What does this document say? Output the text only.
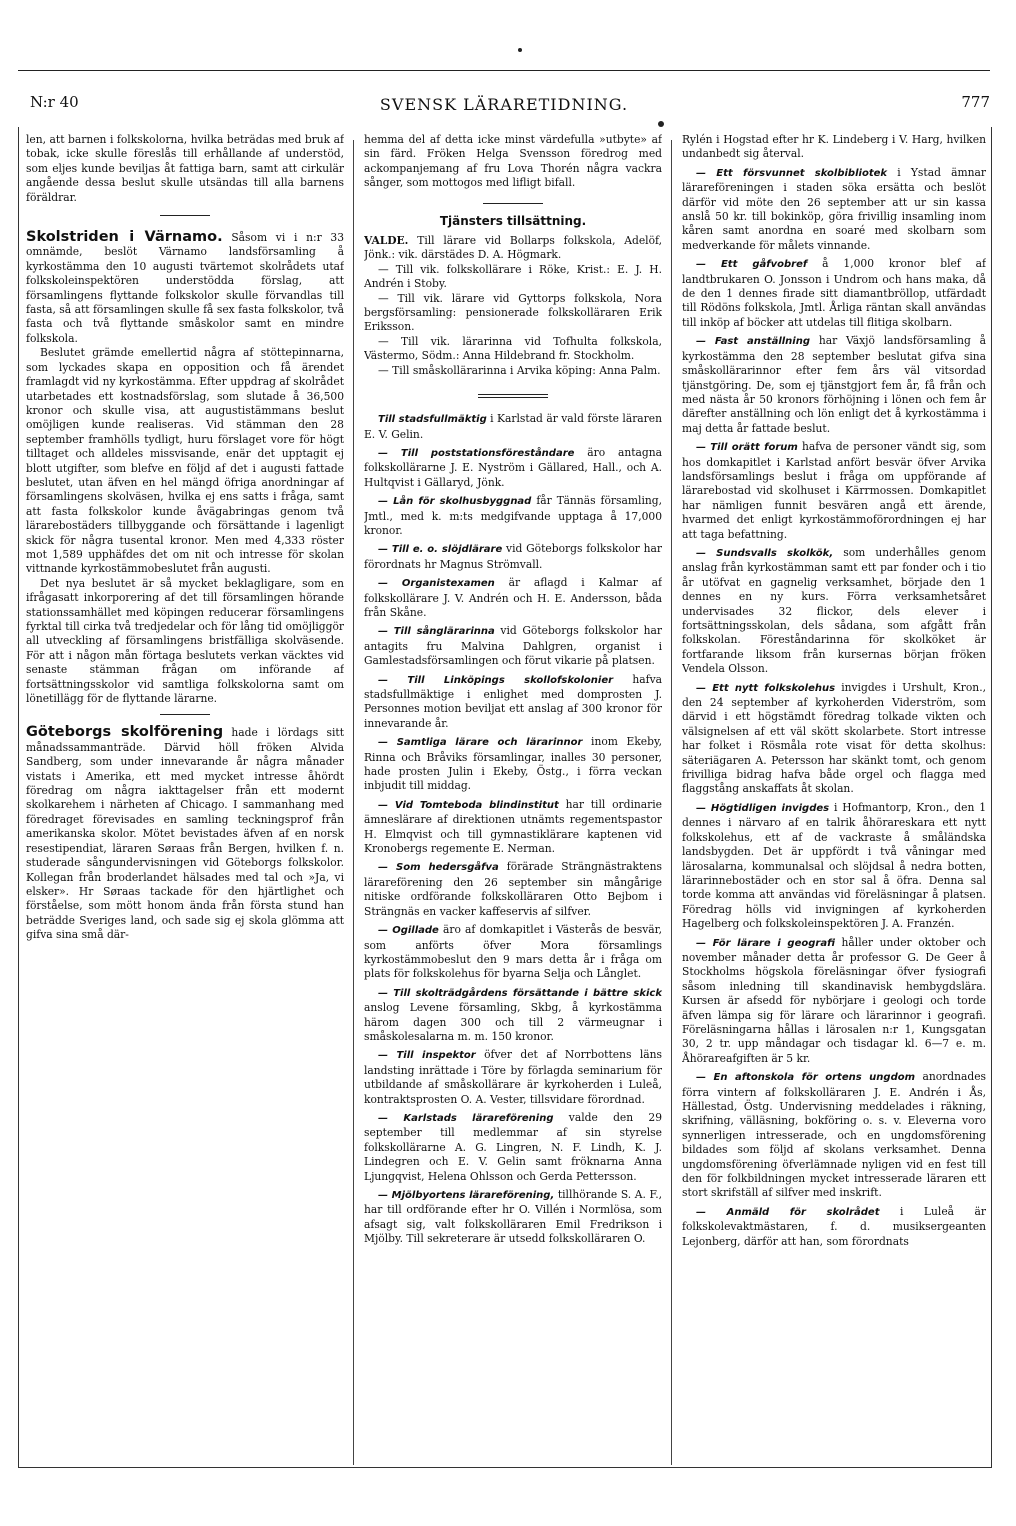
N:r 40	SVENSK LÄRARETIDNING.	777

len, att barnen i folkskolorna, hvilka beträdas med bruk af tobak, icke skulle föreslås till erhållande af understöd, som eljes kunde beviljas åt fattiga barn, samt att cirkulär angående dessa beslut skulle utsändas till alla barnens föräldrar.

Skolstriden i Värnamo. Såsom vi i n:r 33 omnämde, beslöt Värnamo landsförsamling å kyrkostämma den 10 augusti tvärtemot skolrådets utaf folkskoleinspektören understödda förslag, att församlingens flyttande folkskolor skulle förvandlas till fasta, så att församlingen skulle få sex fasta folkskolor, två fasta och två flyttande småskolor samt en mindre folkskola.

Beslutet grämde emellertid några af stöttepinnarna, som lyckades skapa en opposition och få ärendet framlagdt vid ny kyrkostämma. Efter uppdrag af skolrådet utarbetades ett kostnadsförslag, som slutade å 36,500 kronor och skulle visa, att augustistämmans beslut omöjligen kunde realiseras. Vid stämman den 28 september framhölls tydligt, huru förslaget vore för högt tilltaget och alldeles missvisande, enär det upptagit ej blott utgifter, som blefve en följd af det i augusti fattade beslutet, utan äfven en hel mängd öfriga anordningar af församlingens skolväsen, hvilka ej ens satts i fråga, samt att fasta folkskolor kunde åvägabringas genom två lärarebostäders tillbyggande och försättande i lagenligt skick för några tusental kronor. Men med 4,333 röster mot 1,589 upphäfdes det om nit och intresse för skolan vittnande kyrkostämmobeslutet från augusti.

Det nya beslutet är så mycket beklagligare, som en ifrågasatt inkorporering af det till församlingen hörande stationssamhället med köpingen reducerar församlingens fyrktal till cirka två tredjedelar och för lång tid omöjliggör all utveckling af församlingens bristfälliga skolväsende. För att i någon mån förtaga beslutets verkan väcktes vid senaste stämman frågan om införande af fortsättningsskolor vid samtliga folkskolorna samt om lönetillägg för de flyttande lärarne.

Göteborgs skolförening hade i lördags sitt månadssammanträde. Därvid höll fröken Alvida Sandberg, som under innevarande år några månader vistats i Amerika, ett med mycket intresse åhördt föredrag om några iakttagelser från ett modernt skolkarehem i närheten af Chicago. I sammanhang med föredraget förevisades en samling teckningsprof från amerikanska skolor. Mötet bevistades äfven af en norsk resestipendiat, läraren Søraas från Bergen, hvilken f. n. studerade sångundervisningen vid Göteborgs folkskolor. Kollegan från broderlandet hälsades med tal och »Ja, vi elsker». Hr Søraas tackade för den hjärtlighet och förståelse, som mött honom ända från första stund han beträdde Sveriges land, och sade sig ej skola glömma att gifva sina små där-

hemma del af detta icke minst värdefulla »utbyte» af sin färd. Fröken Helga Svensson föredrog med ackompanjemang af fru Lova Thorén några vackra sånger, som mottogos med lifligt bifall.

Tjänsters tillsättning.

VALDE. Till lärare vid Bollarps folkskola, Adelöf, Jönk.: vik. därstädes D. A. Högmark.

— Till vik. folkskollärare i Röke, Krist.: E. J. H. Andrén i Stoby.

— Till vik. lärare vid Gyttorps folkskola, Nora bergsförsamling: pensionerade folkskolläraren Erik Eriksson.

— Till vik. lärarinna vid Tofhulta folkskola, Västermo, Södm.: Anna Hildebrand fr. Stockholm.

— Till småskollärarinna i Arvika köping: Anna Palm.

Till stadsfullmäktig i Karlstad är vald förste läraren E. V. Gelin.

— Till poststationsföreståndare äro antagna folkskollärarne J. E. Nyström i Gällared, Hall., och A. Hultqvist i Gällaryd, Jönk.

— Lån för skolhusbyggnad får Tännäs församling, Jmtl., med k. m:ts medgifvande upptaga å 17,000 kronor.

— Till e. o. slöjdlärare vid Göteborgs folkskolor har förordnats hr Magnus Strömvall.

— Organistexamen är aflagd i Kalmar af folkskollärare J. V. Andrén och H. E. Andersson, båda från Skåne.

— Till sånglärarinna vid Göteborgs folkskolor har antagits fru Malvina Dahlgren, organist i Gamlestadsförsamlingen och förut vikarie på platsen.

— Till Linköpings skollofskolonier hafva stadsfullmäktige i enlighet med domprosten J. Personnes motion beviljat ett anslag af 300 kronor för innevarande år.

— Samtliga lärare och lärarinnor inom Ekeby, Rinna och Bråviks församlingar, inalles 30 personer, hade prosten Julin i Ekeby, Östg., i förra veckan inbjudit till middag.

— Vid Tomteboda blindinstitut har till ordinarie ämneslärare af direktionen utnämts regementspastor H. Elmqvist och till gymnastiklärare kaptenen vid Kronobergs regemente E. Nerman.

— Som hedersgåfva förärade Strängnästraktens lärareförening den 26 september sin mångårige nitiske ordförande folkskolläraren Otto Bejbom i Strängnäs en vacker kaffeservis af silfver.

— Ogillade äro af domkapitlet i Västerås de besvär, som anförts öfver Mora församlings kyrkostämmobeslut den 9 mars detta år i fråga om plats för folkskolehus för byarna Selja och Långlet.

— Till skolträdgårdens försättande i bättre skick anslog Levene församling, Skbg, å kyrkostämma härom dagen 300 och till 2 värmeugnar i småskolesalarna m. m. 150 kronor.

— Till inspektor öfver det af Norrbottens läns landsting inrättade i Töre by förlagda seminarium för utbildande af småskollärare är kyrkoherden i Luleå, kontraktsprosten O. A. Vester, tillsvidare förordnad.

— Karlstads lärareförening valde den 29 september till medlemmar af sin styrelse folkskollärarne A. G. Lingren, N. F. Lindh, K. J. Lindegren och E. V. Gelin samt fröknarna Anna Ljungqvist, Helena Ohlsson och Gerda Pettersson.

— Mjölbyortens lärareförening, tillhörande S. A. F., har till ordförande efter hr O. Villén i Normlösa, som afsagt sig, valt folkskolläraren Emil Fredrikson i Mjölby. Till sekreterare är utsedd folkskolläraren O.

Rylén i Hogstad efter hr K. Lindeberg i V. Harg, hvilken undanbedt sig återval.

— Ett försvunnet skolbibliotek i Ystad ämnar lärareföreningen i staden söka ersätta och beslöt därför vid möte den 26 september att ur sin kassa anslå 50 kr. till bokinköp, göra frivillig insamling inom kåren samt anordna en soaré med skolbarn som medverkande för målets vinnande.

— Ett gåfvobref å 1,000 kronor blef af landtbrukaren O. Jonsson i Undrom och hans maka, då de den 1 dennes firade sitt diamantbröllop, utfärdadt till Rödöns folkskola, Jmtl. Årliga räntan skall användas till inköp af böcker att utdelas till flitiga skolbarn.

— Fast anställning har Växjö landsförsamling å kyrkostämma den 28 september beslutat gifva sina småskollärarinnor efter fem års väl vitsordad tjänstgöring. De, som ej tjänstgjort fem år, få från och med nästa år 50 kronors förhöjning i lönen och fem år därefter anställning och lön enligt det å kyrkostämma i maj detta år fattade beslut.

— Till orätt forum hafva de personer vändt sig, som hos domkapitlet i Karlstad anfört besvär öfver Arvika landsförsamlings beslut i fråga om uppförande af lärarebostad vid skolhuset i Kärrmossen. Domkapitlet har nämligen funnit besvären angå ett ärende, hvarmed det enligt kyrkostämmoförordningen ej har att taga befattning.

— Sundsvalls skolkök, som underhålles genom anslag från kyrkostämman samt ett par fonder och i tio år utöfvat en gagnelig verksamhet, började den 1 dennes en ny kurs. Förra verksamhetsåret undervisades 32 flickor, dels elever i fortsättningsskolan, dels sådana, som afgått från folkskolan. Föreståndarinna för skolköket är fortfarande liksom från kursernas början fröken Vendela Olsson.

— Ett nytt folkskolehus invigdes i Urshult, Kron., den 24 september af kyrkoherden Viderström, som därvid i ett högstämdt föredrag tolkade vikten och välsignelsen af ett väl skött skolarbete. Stort intresse har folket i Rösmåla rote visat för detta skolhus: säteriägaren A. Petersson har skänkt tomt, och genom frivilliga bidrag hafva både orgel och flagga med flaggstång anskaffats åt skolan.

— Högtidligen invigdes i Hofmantorp, Kron., den 1 dennes i närvaro af en talrik åhörareskara ett nytt folkskolehus, ett af de vackraste å småländska landsbygden. Det är uppfördt i två våningar med lärosalarna, kommunalsal och slöjdsal å nedra botten, lärarinnebostäder och en stor sal å öfra. Denna sal torde komma att användas vid föreläsningar å platsen. Föredrag hölls vid invigningen af kyrkoherden Hagelberg och folkskoleinspektören J. A. Franzén.

— För lärare i geografi håller under oktober och november månader detta år professor G. De Geer å Stockholms högskola föreläsningar öfver fysiografi såsom inledning till skandinavisk hembygdslära. Kursen är afsedd för nybörjare i geologi och torde äfven lämpa sig för lärare och lärarinnor i geografi. Föreläsningarna hållas i lärosalen n:r 1, Kungsgatan 30, 2 tr. upp måndagar och tisdagar kl. 6—7 e. m. Åhörareafgiften är 5 kr.

— En aftonskola för ortens ungdom anordnades förra vintern af folkskolläraren J. E. Andrén i Ås, Hällestad, Östg. Undervisning meddelades i räkning, skrifning, välläsning, bokföring o. s. v. Eleverna voro synnerligen intresserade, och en ungdomsförening bildades som följd af skolans verksamhet. Denna ungdomsförening öfverlämnade nyligen vid en fest till den för folkbildningen mycket intresserade läraren ett stort skrifställ af silfver med inskrift.

— Anmäld för skolrådet i Luleå är folkskolevaktmästaren, f. d. musiksergeanten Lejonberg, därför att han, som förordnats
